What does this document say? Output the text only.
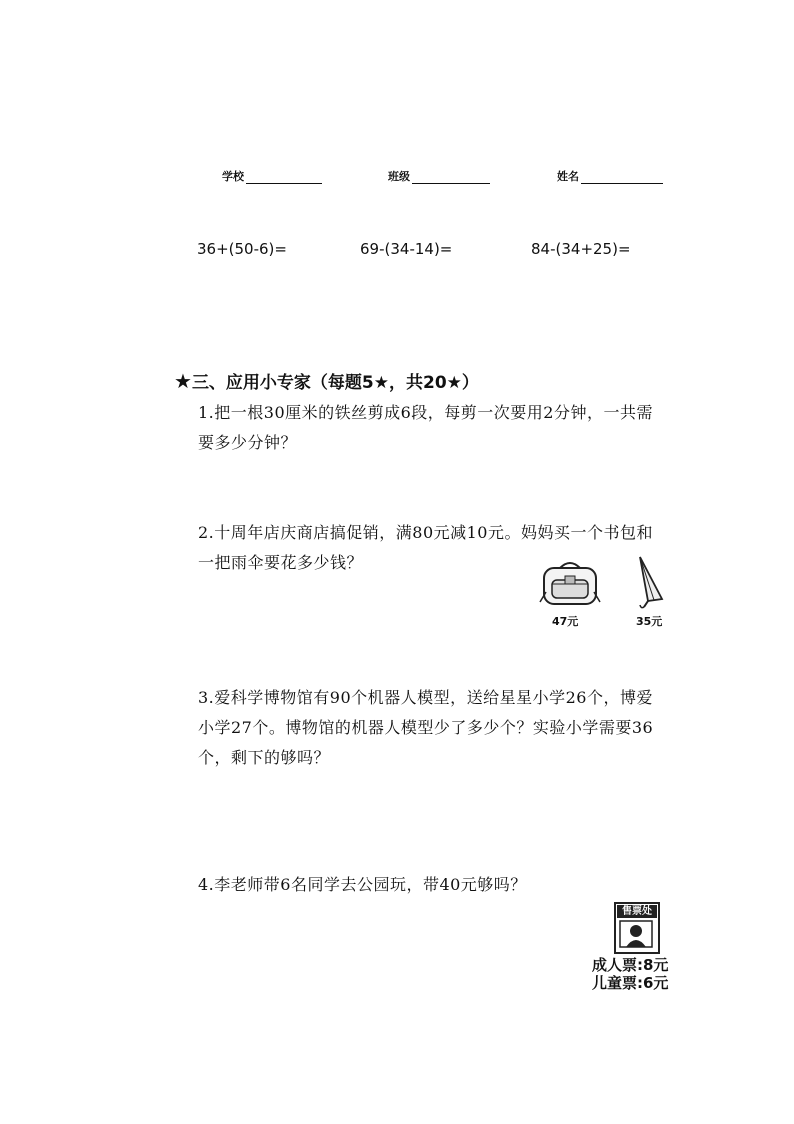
学校	班级	姓名
36+(50-6)=	69-(34-14)=	84-(34+25)=
★三、应用小专家（每题5★，共20★）
1.把一根30厘米的铁丝剪成6段，每剪一次要用2分钟，一共需
要多少分钟？
2.十周年店庆商店搞促销，满80元减10元。妈妈买一个书包和
一把雨伞要花多少钱？
47元	35元
3.爱科学博物馆有90个机器人模型，送给星星小学26个，博爱
小学27个。博物馆的机器人模型少了多少个？实验小学需要36
个，剩下的够吗？
4.李老师带6名同学去公园玩，带40元够吗？
售票处
成人票:8元
儿童票:6元
